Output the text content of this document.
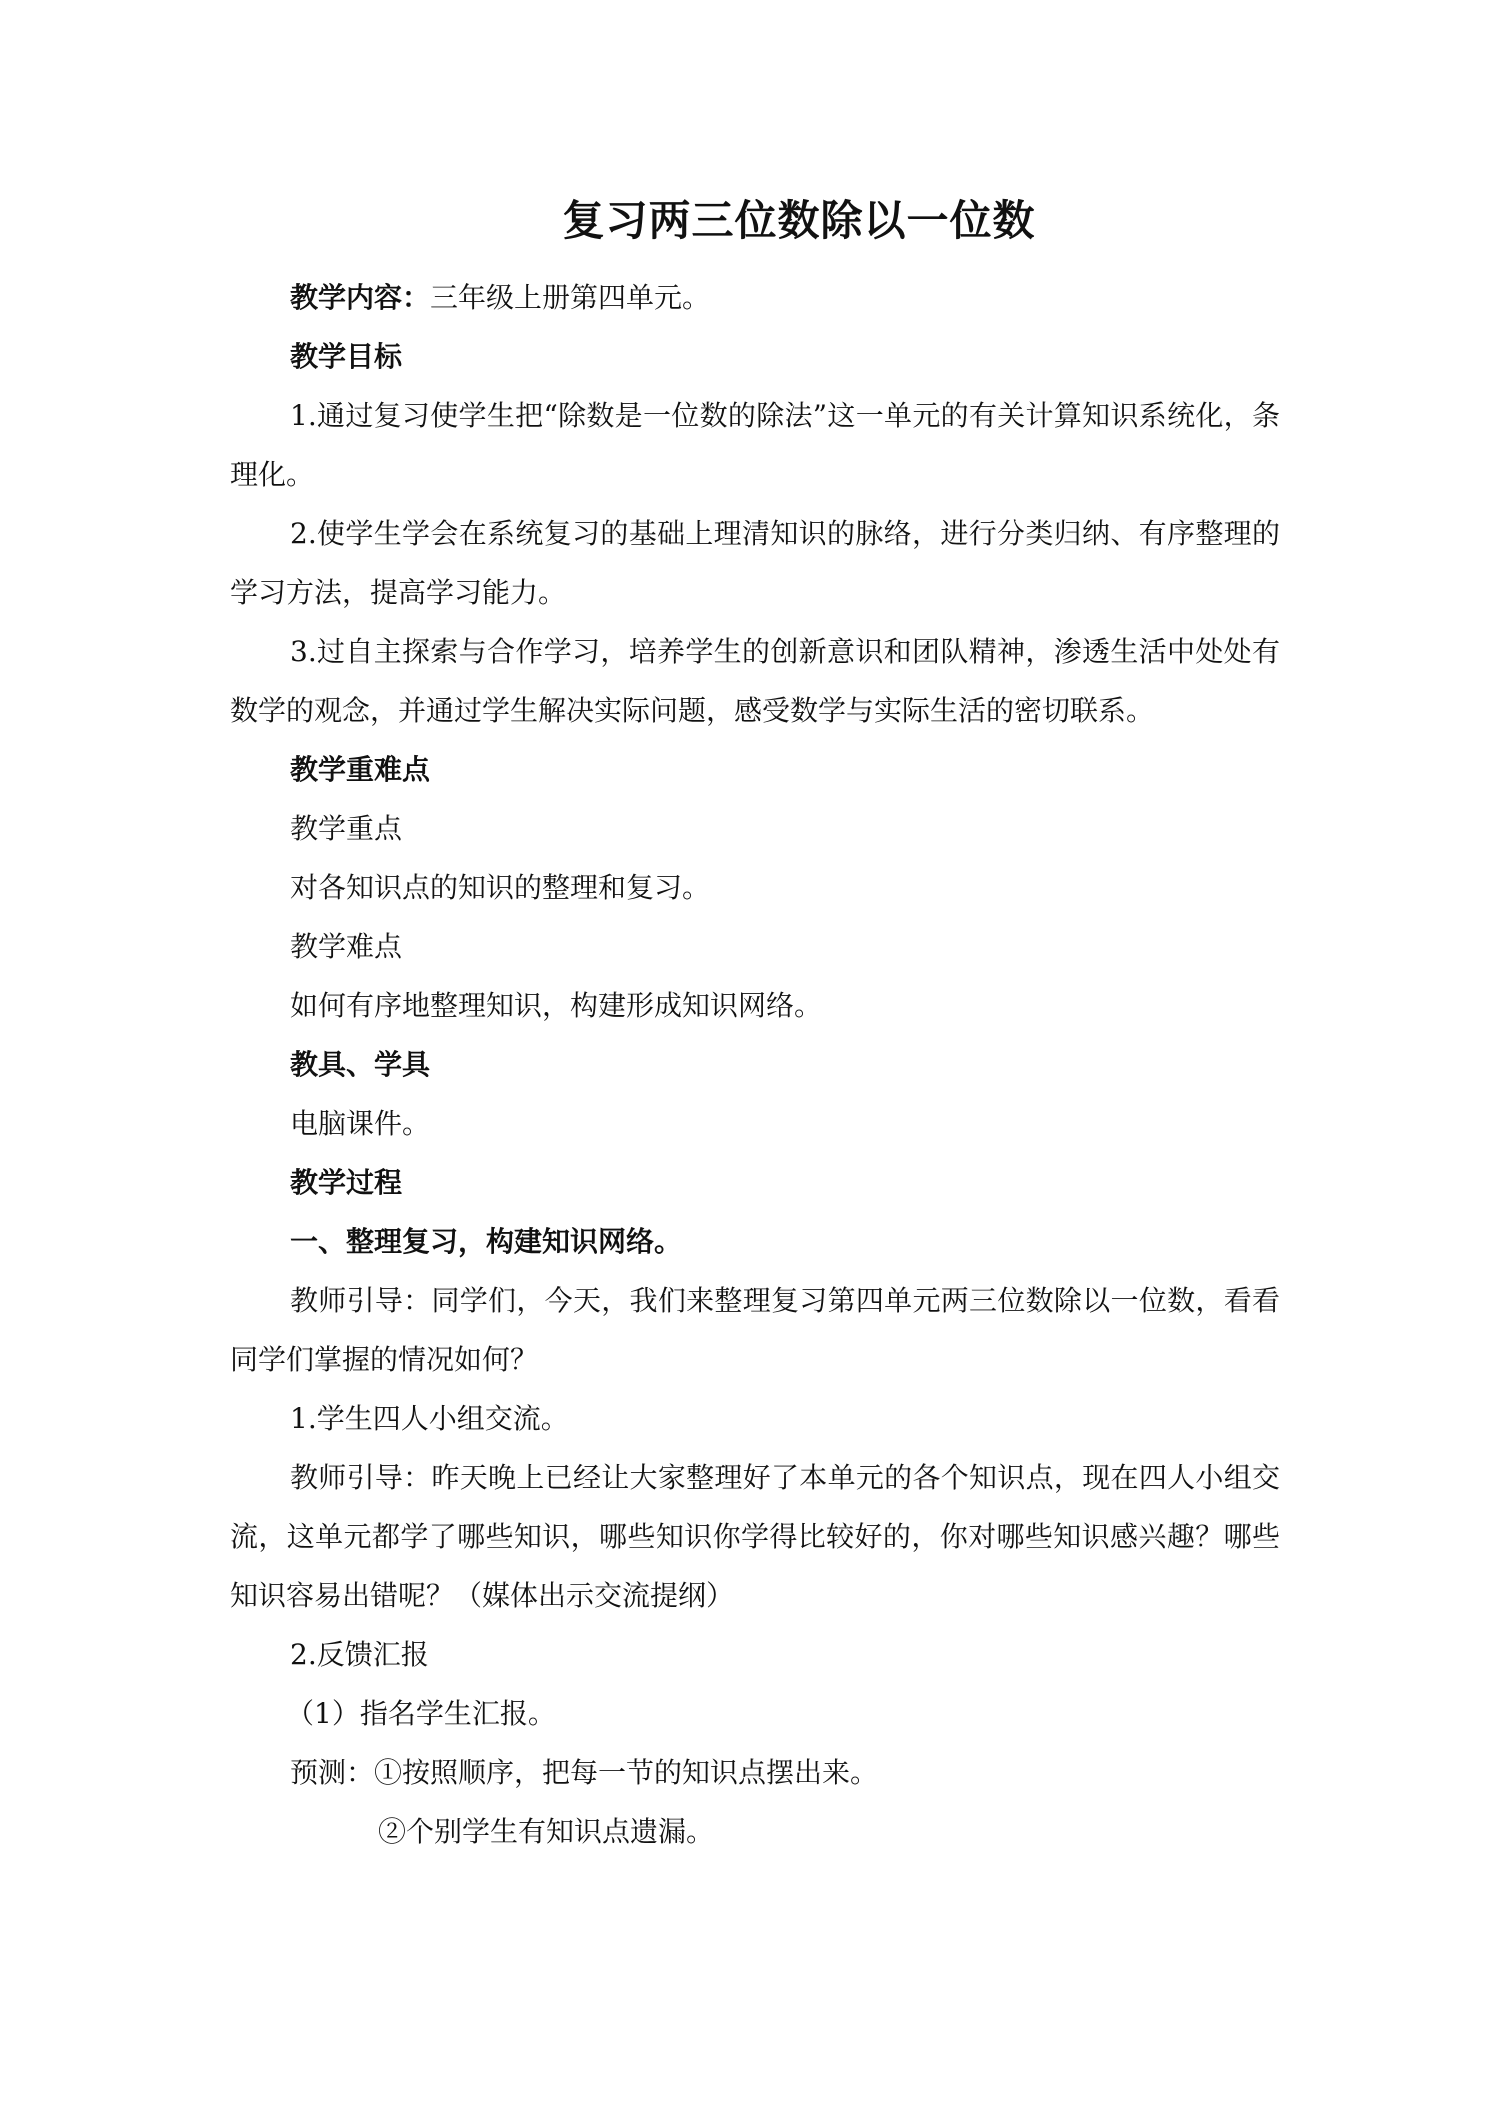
复习两三位数除以一位数

教学内容：三年级上册第四单元。

教学目标

1.通过复习使学生把“除数是一位数的除法”这一单元的有关计算知识系统化，条理化。

2.使学生学会在系统复习的基础上理清知识的脉络，进行分类归纳、有序整理的学习方法，提高学习能力。

3.过自主探索与合作学习，培养学生的创新意识和团队精神，渗透生活中处处有数学的观念，并通过学生解决实际问题，感受数学与实际生活的密切联系。

教学重难点

教学重点

对各知识点的知识的整理和复习。

教学难点

如何有序地整理知识，构建形成知识网络。

教具、学具

电脑课件。

教学过程

一、整理复习，构建知识网络。

教师引导：同学们，今天，我们来整理复习第四单元两三位数除以一位数，看看同学们掌握的情况如何？

1.学生四人小组交流。

教师引导：昨天晚上已经让大家整理好了本单元的各个知识点，现在四人小组交流，这单元都学了哪些知识，哪些知识你学得比较好的，你对哪些知识感兴趣？哪些知识容易出错呢？（媒体出示交流提纲）

2.反馈汇报

（1）指名学生汇报。

预测：①按照顺序，把每一节的知识点摆出来。

②个别学生有知识点遗漏。
